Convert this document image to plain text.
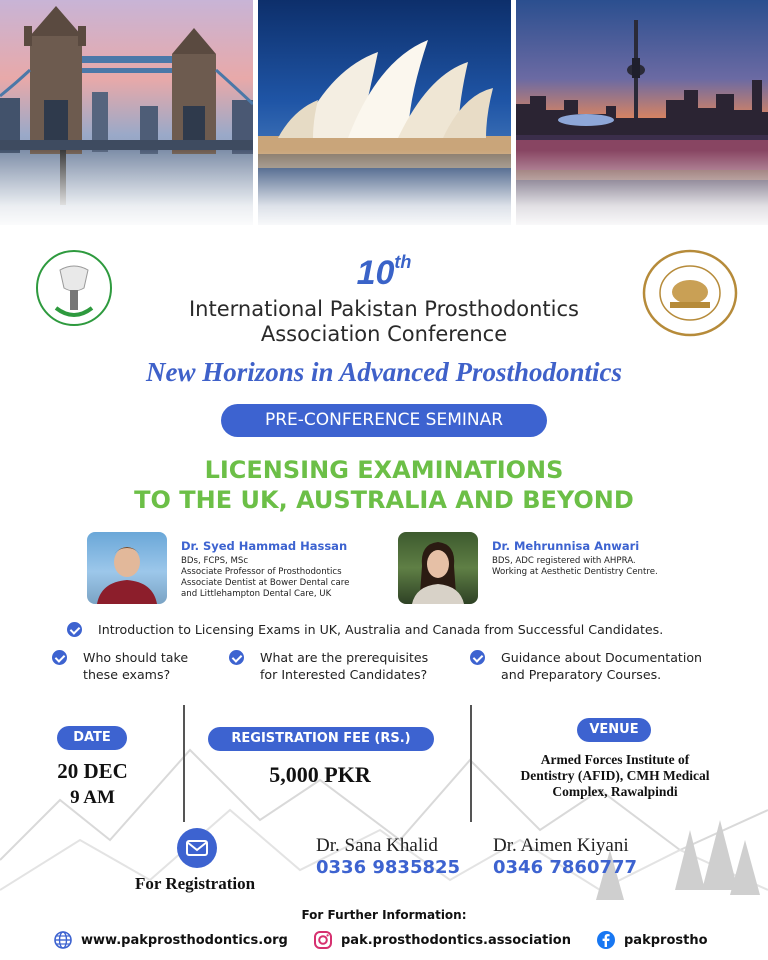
10th
International Pakistan Prosthodontics
Association Conference
New Horizons in Advanced Prosthodontics
PRE-CONFERENCE SEMINAR
LICENSING EXAMINATIONS
TO THE UK, AUSTRALIA AND BEYOND
Dr. Syed Hammad Hassan
BDs, FCPS, MSc
Associate Professor of Prosthodontics
Associate Dentist at Bower Dental care
and Littlehampton Dental Care, UK
Dr. Mehrunnisa Anwari
BDS, ADC registered with AHPRA.
Working at Aesthetic Dentistry Centre.
Introduction to Licensing Exams in UK, Australia and Canada from Successful Candidates.
Who should take
these exams?
What are the prerequisites
for Interested Candidates?
Guidance about Documentation
and Preparatory Courses.
DATE
20 DEC
9 AM
REGISTRATION FEE (RS.)
5,000 PKR
VENUE
Armed Forces Institute of
Dentistry (AFID), CMH Medical
Complex, Rawalpindi
For Registration
Dr. Sana Khalid
0336 9835825
Dr. Aimen Kiyani
0346 7860777
For Further Information:
www.pakprosthodontics.org	pak.prosthodontics.association	pakprostho
